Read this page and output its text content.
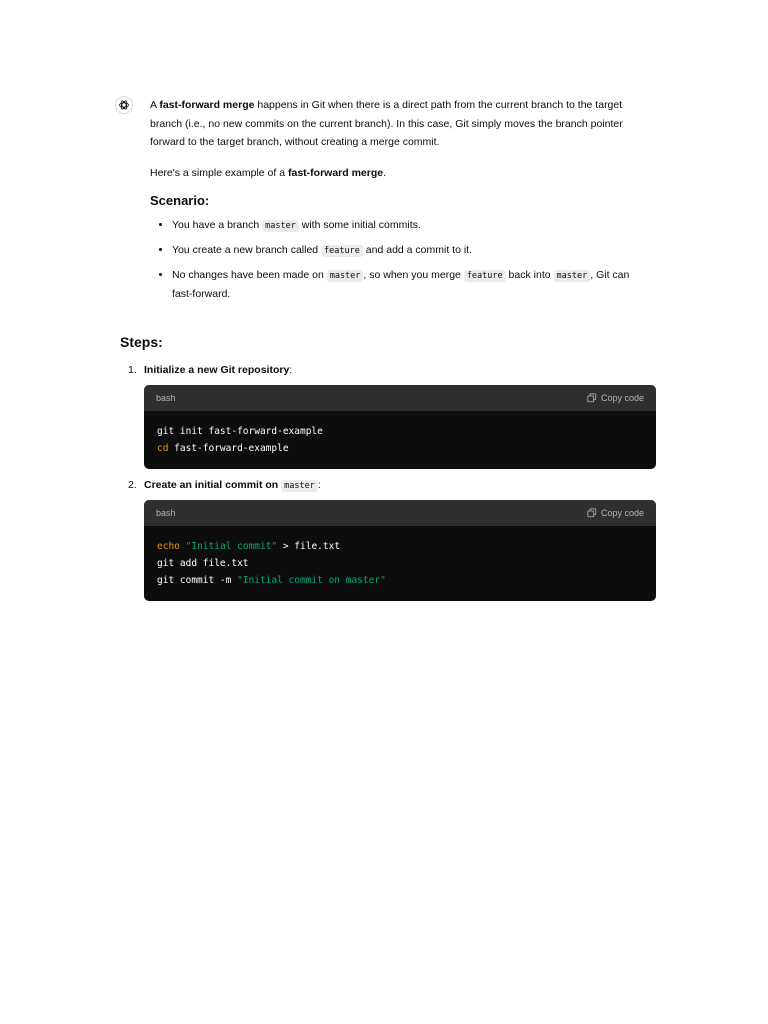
A fast-forward merge happens in Git when there is a direct path from the current branch to the target branch (i.e., no new commits on the current branch). In this case, Git simply moves the branch pointer forward to the target branch, without creating a merge commit.

Here's a simple example of a fast-forward merge.

Scenario:
• You have a branch master with some initial commits.
• You create a new branch called feature and add a commit to it.
• No changes have been made on master , so when you merge feature back into master , Git can fast-forward.
Steps:
1. Initialize a new Git repository:
bash	Copy code
git init fast-forward-example
cd fast-forward-example
2. Create an initial commit on master :
bash	Copy code
echo "Initial commit" > file.txt
git add file.txt
git commit -m "Initial commit on master"
